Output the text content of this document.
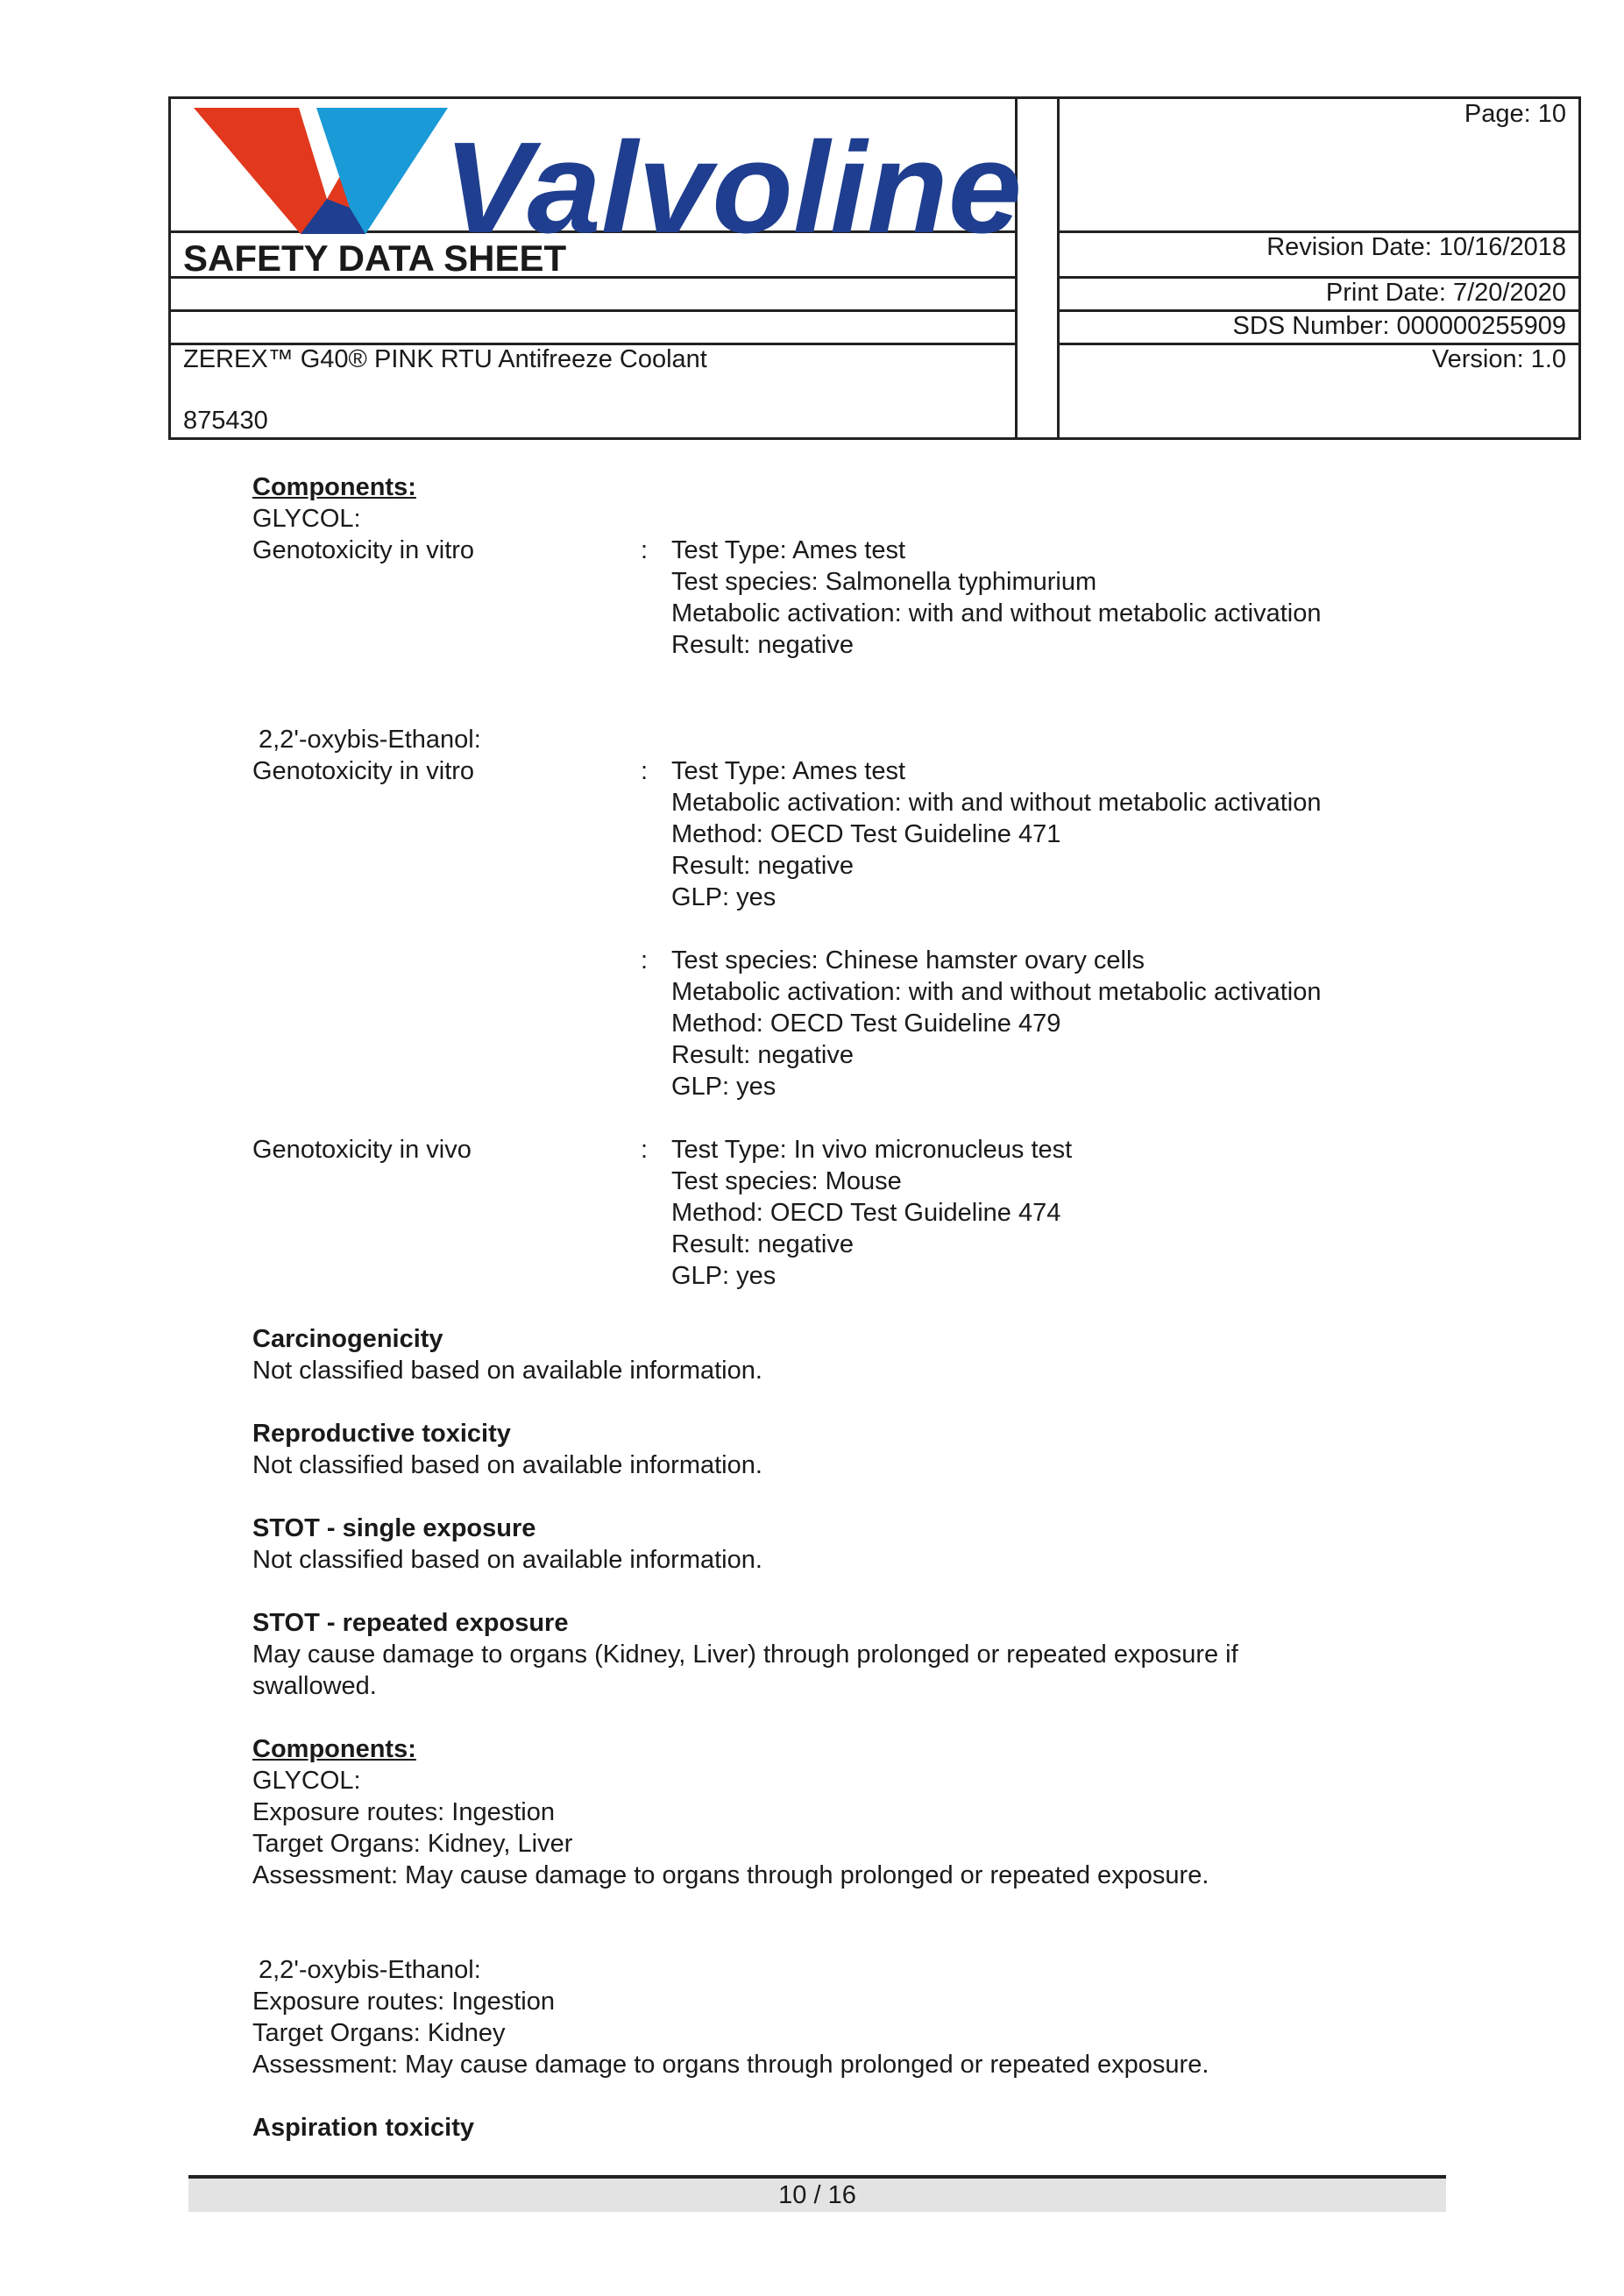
Valvoline
SAFETY DATA SHEET
Page: 10
Revision Date: 10/16/2018
Print Date: 7/20/2020
SDS Number: 000000255909
Version: 1.0
ZEREX™ G40® PINK RTU Antifreeze Coolant
875430
Components:
GLYCOL:
Genotoxicity in vitro	: Test Type: Ames test
Test species: Salmonella typhimurium
Metabolic activation: with and without metabolic activation
Result: negative
2,2'-oxybis-Ethanol:
Genotoxicity in vitro	: Test Type: Ames test
Metabolic activation: with and without metabolic activation
Method: OECD Test Guideline 471
Result: negative
GLP: yes
: Test species: Chinese hamster ovary cells
Metabolic activation: with and without metabolic activation
Method: OECD Test Guideline 479
Result: negative
GLP: yes
Genotoxicity in vivo	: Test Type: In vivo micronucleus test
Test species: Mouse
Method: OECD Test Guideline 474
Result: negative
GLP: yes
Carcinogenicity
Not classified based on available information.
Reproductive toxicity
Not classified based on available information.
STOT - single exposure
Not classified based on available information.
STOT - repeated exposure
May cause damage to organs (Kidney, Liver) through prolonged or repeated exposure if
swallowed.
Components:
GLYCOL:
Exposure routes: Ingestion
Target Organs: Kidney, Liver
Assessment: May cause damage to organs through prolonged or repeated exposure.
2,2'-oxybis-Ethanol:
Exposure routes: Ingestion
Target Organs: Kidney
Assessment: May cause damage to organs through prolonged or repeated exposure.
Aspiration toxicity
10 / 16
